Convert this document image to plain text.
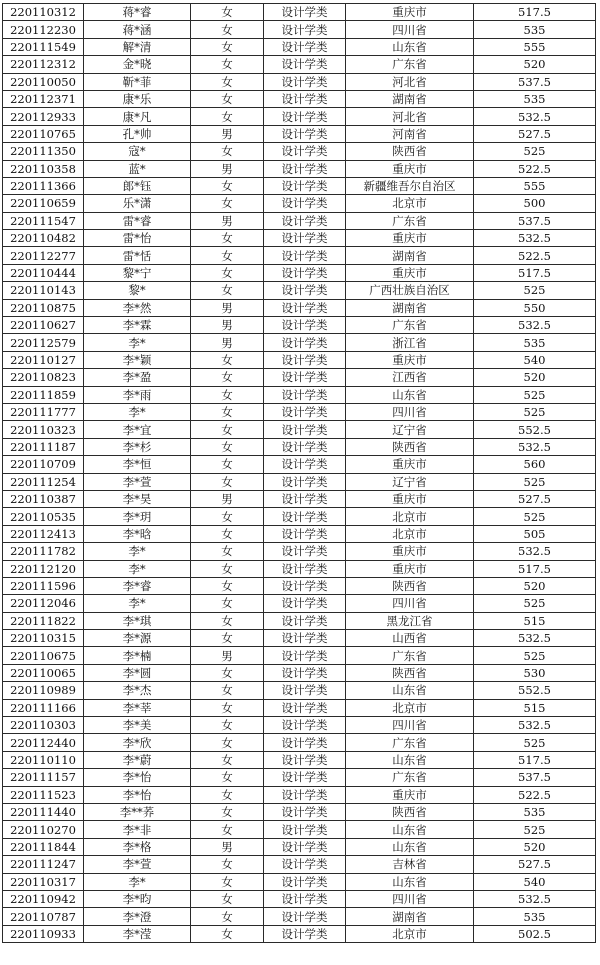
220110312	蒋*睿	女	设计学类	重庆市	517.5
220112230	蒋*涵	女	设计学类	四川省	535
220111549	解*清	女	设计学类	山东省	555
220112312	金*晓	女	设计学类	广东省	520
220110050	靳*菲	女	设计学类	河北省	537.5
220112371	康*乐	女	设计学类	湖南省	535
220112933	康*凡	女	设计学类	河北省	532.5
220110765	孔*帅	男	设计学类	河南省	527.5
220111350	寇*	女	设计学类	陕西省	525
220110358	蓝*	男	设计学类	重庆市	522.5
220111366	郎*钰	女	设计学类	新疆维吾尔自治区	555
220110659	乐*潇	女	设计学类	北京市	500
220111547	雷*睿	男	设计学类	广东省	537.5
220110482	雷*怡	女	设计学类	重庆市	532.5
220112277	雷*恬	女	设计学类	湖南省	522.5
220110444	黎*宁	女	设计学类	重庆市	517.5
220110143	黎*	女	设计学类	广西壮族自治区	525
220110875	李*然	男	设计学类	湖南省	550
220110627	李*霖	男	设计学类	广东省	532.5
220112579	李*	男	设计学类	浙江省	535
220110127	李*颖	女	设计学类	重庆市	540
220110823	李*盈	女	设计学类	江西省	520
220111859	李*雨	女	设计学类	山东省	525
220111777	李*	女	设计学类	四川省	525
220110323	李*宜	女	设计学类	辽宁省	552.5
220111187	李*杉	女	设计学类	陕西省	532.5
220110709	李*恒	女	设计学类	重庆市	560
220111254	李*萱	女	设计学类	辽宁省	525
220110387	李*昊	男	设计学类	重庆市	527.5
220110535	李*玥	女	设计学类	北京市	525
220112413	李*晗	女	设计学类	北京市	505
220111782	李*	女	设计学类	重庆市	532.5
220112120	李*	女	设计学类	重庆市	517.5
220111596	李*睿	女	设计学类	陕西省	520
220112046	李*	女	设计学类	四川省	525
220111822	李*琪	女	设计学类	黑龙江省	515
220110315	李*源	女	设计学类	山西省	532.5
220110675	李*楠	男	设计学类	广东省	525
220110065	李*圆	女	设计学类	陕西省	530
220110989	李*杰	女	设计学类	山东省	552.5
220111166	李*莘	女	设计学类	北京市	515
220110303	李*美	女	设计学类	四川省	532.5
220112440	李*欣	女	设计学类	广东省	525
220110110	李*蔚	女	设计学类	山东省	517.5
220111157	李*怡	女	设计学类	广东省	537.5
220111523	李*怡	女	设计学类	重庆市	522.5
220111440	李**荞	女	设计学类	陕西省	535
220110270	李*非	女	设计学类	山东省	525
220111844	李*格	男	设计学类	山东省	520
220111247	李*萱	女	设计学类	吉林省	527.5
220110317	李*	女	设计学类	山东省	540
220110942	李*昀	女	设计学类	四川省	532.5
220110787	李*澄	女	设计学类	湖南省	535
220110933	李*滢	女	设计学类	北京市	502.5
